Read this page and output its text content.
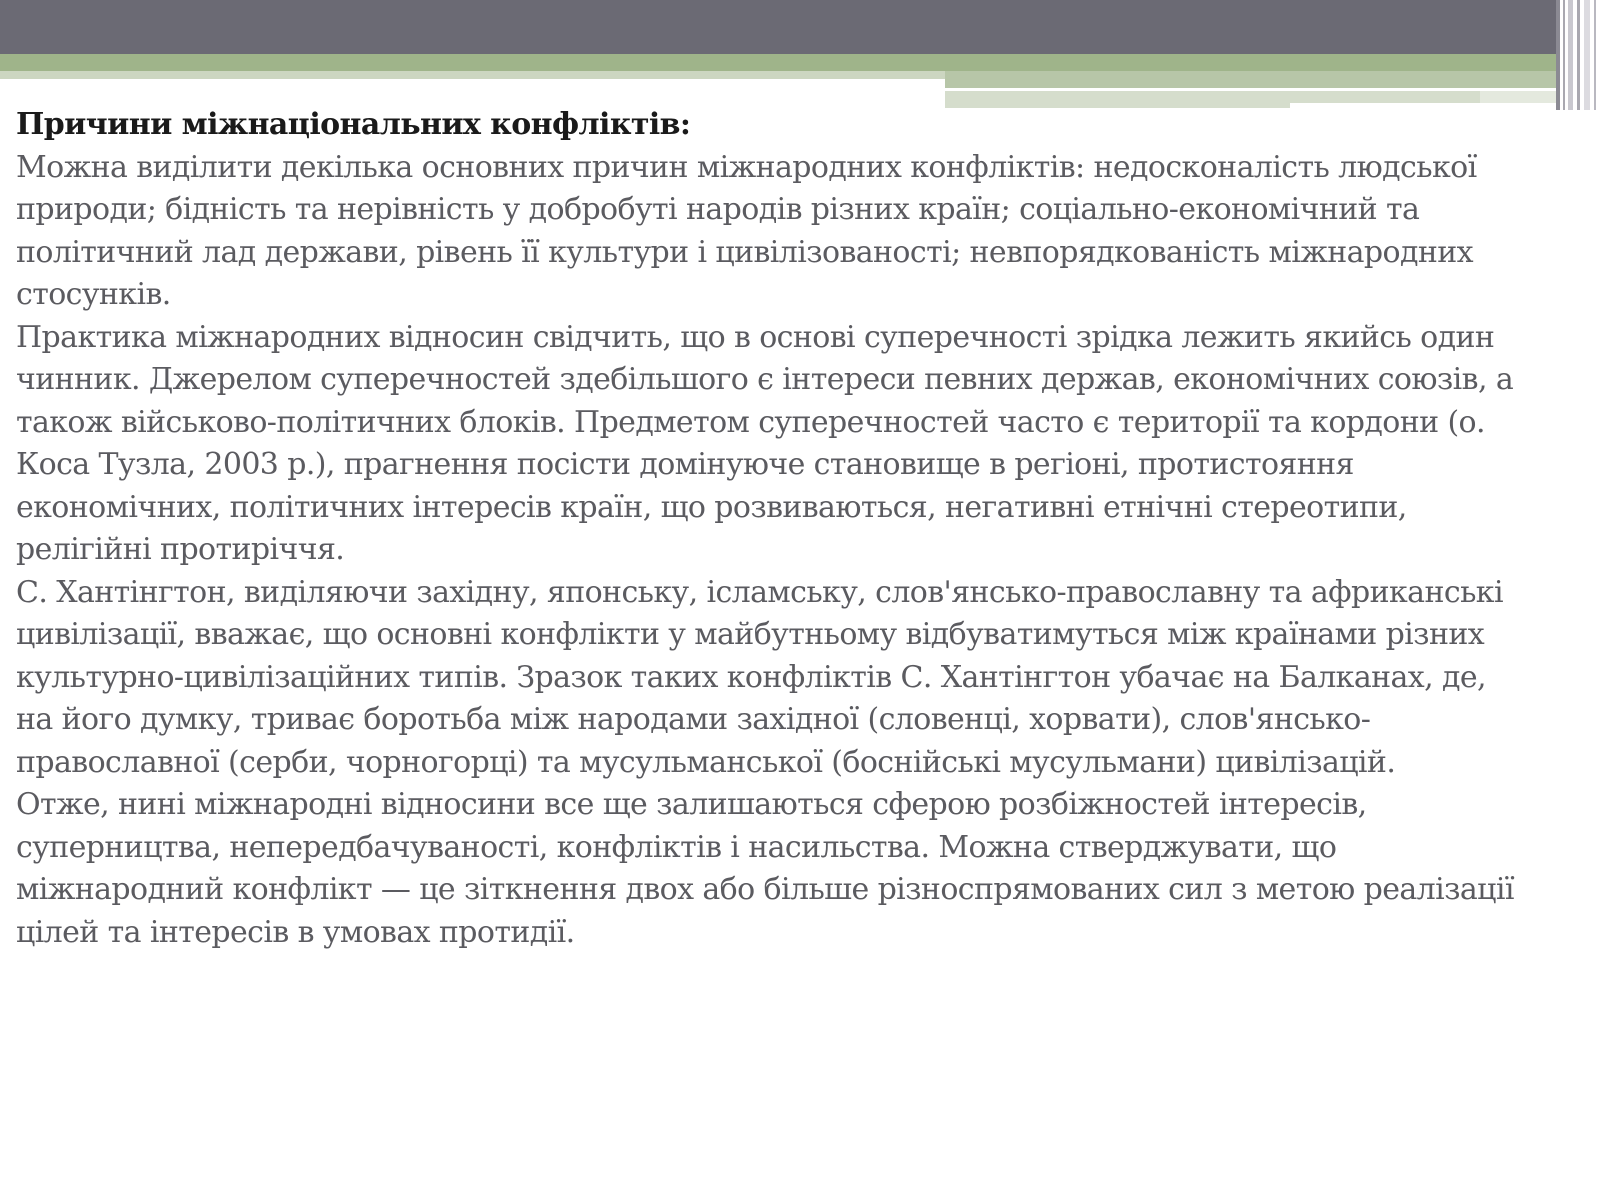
Причини міжнаціональних конфліктів:

Можна виділити декілька основних причин міжнародних конфліктів: недосконалість людської природи; бідність та нерівність у добробуті народів різних країн; соціально-економічний та політичний лад держави, рівень її культури і цивілізованості; невпорядкованість міжнародних стосунків.

Практика міжнародних відносин свідчить, що в основі суперечності зрідка лежить якийсь один чинник. Джерелом суперечностей здебільшого є інтереси певних держав, економічних союзів, а також військово-політичних блоків. Предметом суперечностей часто є території та кордони (о. Коса Тузла, 2003 р.), прагнення посісти домінуюче становище в регіоні, протистояння економічних, політичних інтересів країн, що розвиваються, негативні етнічні стереотипи, релігійні протиріччя.

С. Хантінгтон, виділяючи західну, японську, ісламську, слов'янсько-православну та африканські цивілізації, вважає, що основні конфлікти у майбутньому відбуватимуться між країнами різних культурно-цивілізаційних типів. Зразок таких конфліктів С. Хантінгтон убачає на Балканах, де, на його думку, триває боротьба між народами західної (словенці, хорвати), слов'янсько-православної (серби, чорногорці) та мусульманської (боснійські мусульмани) цивілізацій.

Отже, нині міжнародні відносини все ще залишаються сферою розбіжностей інтересів, суперництва, непередбачуваності, конфліктів і насильства. Можна стверджувати, що міжнародний конфлікт — це зіткнення двох або більше різноспрямованих сил з метою реалізації цілей та інтересів в умовах протидії.
